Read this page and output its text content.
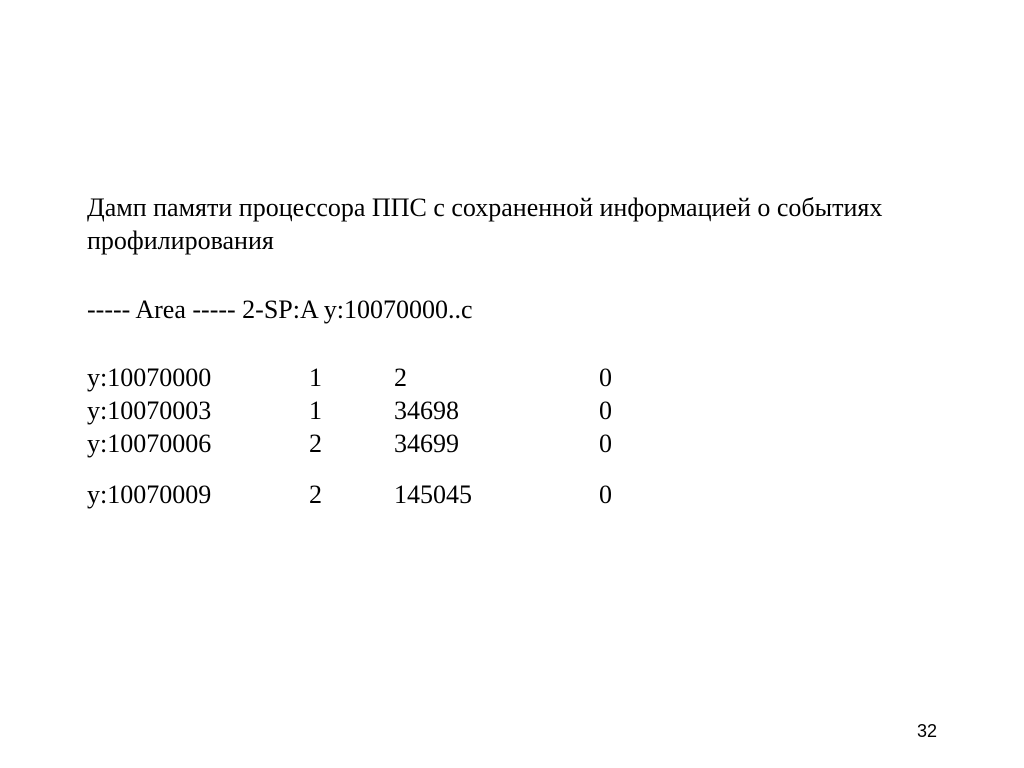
Дамп памяти процессора ППС с сохраненной информацией о событиях профилирования

----- Area ----- 2-SP:A y:10070000..c
y:10070000	1	2	0
y:10070003	1	34698	0
y:10070006	2	34699	0
y:10070009	2	145045	0
32
